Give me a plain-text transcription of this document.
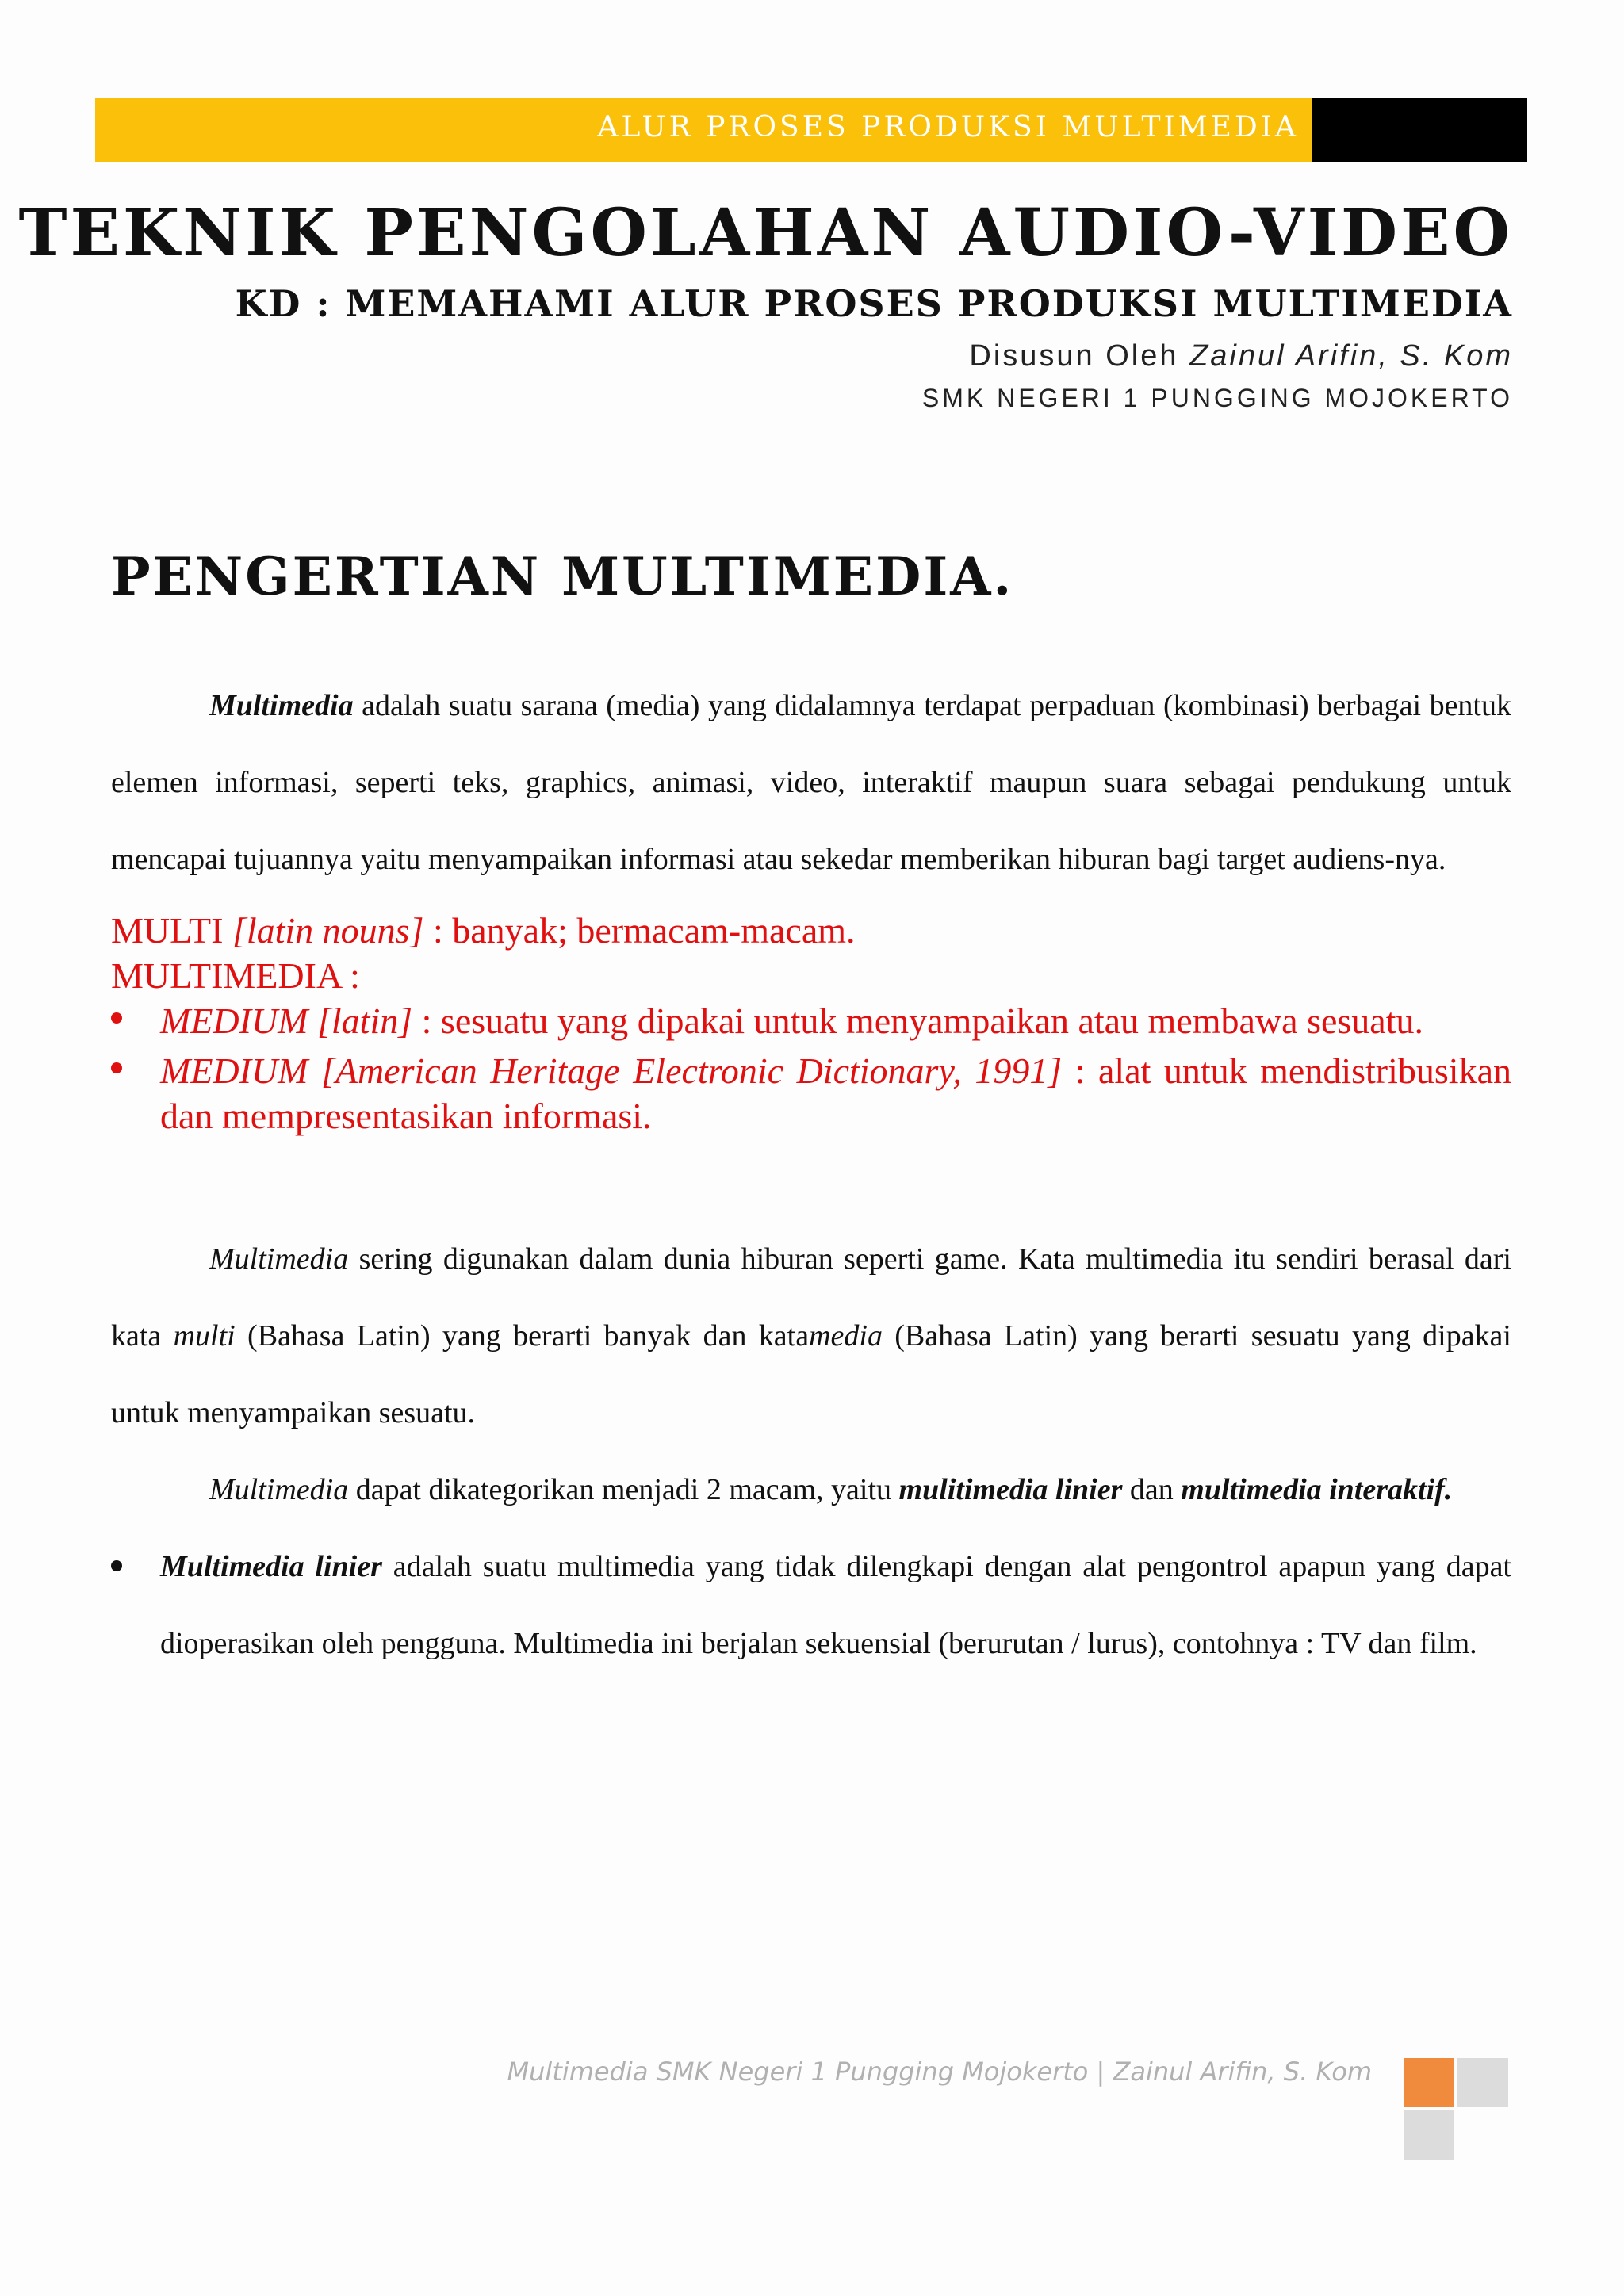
ALUR PROSES PRODUKSI MULTIMEDIA
TEKNIK PENGOLAHAN AUDIO-VIDEO
KD : MEMAHAMI ALUR PROSES PRODUKSI MULTIMEDIA
Disusun Oleh Zainul Arifin, S. Kom
SMK NEGERI 1 PUNGGING MOJOKERTO
PENGERTIAN MULTIMEDIA.

Multimedia adalah suatu sarana (media) yang didalamnya terdapat perpaduan (kombinasi) berbagai bentuk elemen informasi, seperti teks, graphics, animasi, video, interaktif maupun suara sebagai pendukung untuk mencapai tujuannya yaitu menyampaikan informasi atau sekedar memberikan hiburan bagi target audiens-nya.

MULTI [latin nouns] : banyak; bermacam-macam.

MULTIMEDIA :

MEDIUM [latin] : sesuatu yang dipakai untuk menyampaikan atau membawa sesuatu.
MEDIUM [American Heritage Electronic Dictionary, 1991] : alat untuk mendistribusikan dan mempresentasikan informasi.

Multimedia sering digunakan dalam dunia hiburan seperti game. Kata multimedia itu sendiri berasal dari kata multi (Bahasa Latin) yang berarti banyak dan katamedia (Bahasa Latin) yang berarti sesuatu yang dipakai untuk menyampaikan sesuatu.

Multimedia dapat dikategorikan menjadi 2 macam, yaitu mulitimedia linier dan multimedia interaktif.

Multimedia linier adalah suatu multimedia yang tidak dilengkapi dengan alat pengontrol apapun yang dapat dioperasikan oleh pengguna. Multimedia ini berjalan sekuensial (berurutan / lurus), contohnya : TV dan film.
Multimedia SMK Negeri 1 Pungging Mojokerto | Zainul Arifin, S. Kom
